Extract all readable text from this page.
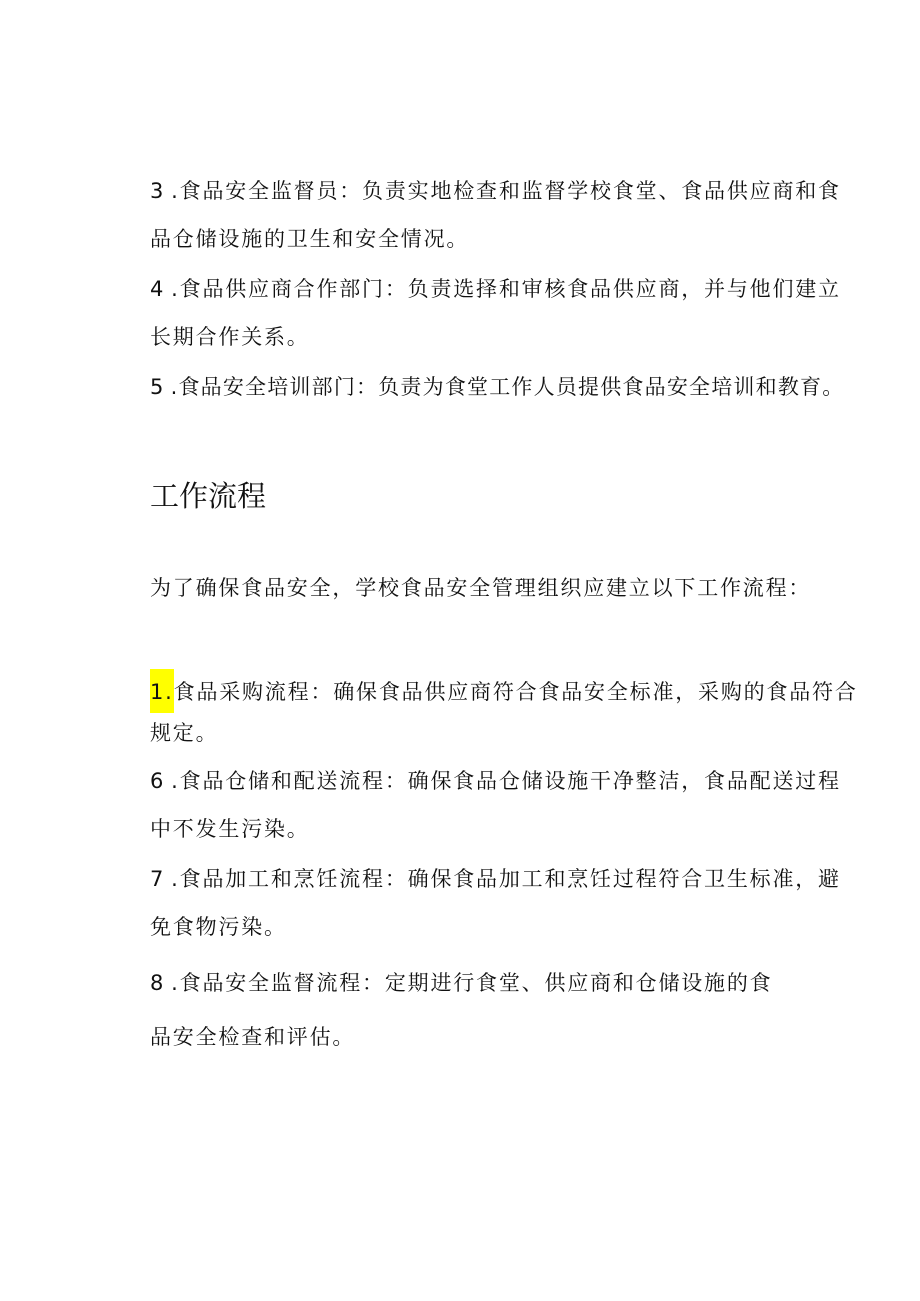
3 .食品安全监督员：负责实地检查和监督学校食堂、食品供应商和食
品仓储设施的卫生和安全情况。
4 .食品供应商合作部门：负责选择和审核食品供应商，并与他们建立
长期合作关系。
5 .食品安全培训部门：负责为食堂工作人员提供食品安全培训和教育。
工作流程
为了确保食品安全，学校食品安全管理组织应建立以下工作流程：
1.食品采购流程：确保食品供应商符合食品安全标准，采购的食品符合
规定。
6 .食品仓储和配送流程：确保食品仓储设施干净整洁，食品配送过程
中不发生污染。
7 .食品加工和烹饪流程：确保食品加工和烹饪过程符合卫生标准，避
免食物污染。
8 .食品安全监督流程：定期进行食堂、供应商和仓储设施的食
品安全检查和评估。
